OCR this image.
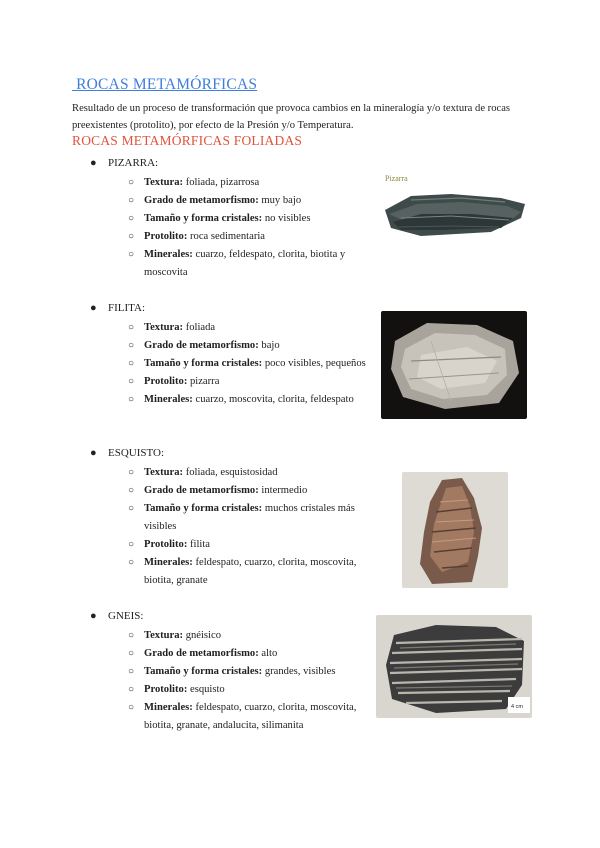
ROCAS METAMÓRFICAS
Resultado de un proceso de transformación que provoca cambios en la mineralogía y/o textura de rocas preexistentes (protolito), por efecto de la Presión y/o Temperatura.
ROCAS METAMÓRFICAS FOLIADAS
● PIZARRA:
○ Textura: foliada, pizarrosa
○ Grado de metamorfismo: muy bajo
○ Tamaño y forma cristales: no visibles
○ Protolito: roca sedimentaria
○ Minerales: cuarzo, feldespato, clorita, biotita y moscovita
Pizarra
● FILITA:
○ Textura: foliada
○ Grado de metamorfismo: bajo
○ Tamaño y forma cristales: poco visibles, pequeños
○ Protolito: pizarra
○ Minerales: cuarzo, moscovita, clorita, feldespato
● ESQUISTO:
○ Textura: foliada, esquistosidad
○ Grado de metamorfismo: intermedio
○ Tamaño y forma cristales: muchos cristales más visibles
○ Protolito: filita
○ Minerales: feldespato, cuarzo, clorita, moscovita, biotita, granate
● GNEIS:
○ Textura: gnéisico
○ Grado de metamorfismo: alto
○ Tamaño y forma cristales: grandes, visibles
○ Protolito: esquisto
○ Minerales: feldespato, cuarzo, clorita, moscovita, biotita, granate, andalucita, silimanita
4 cm
